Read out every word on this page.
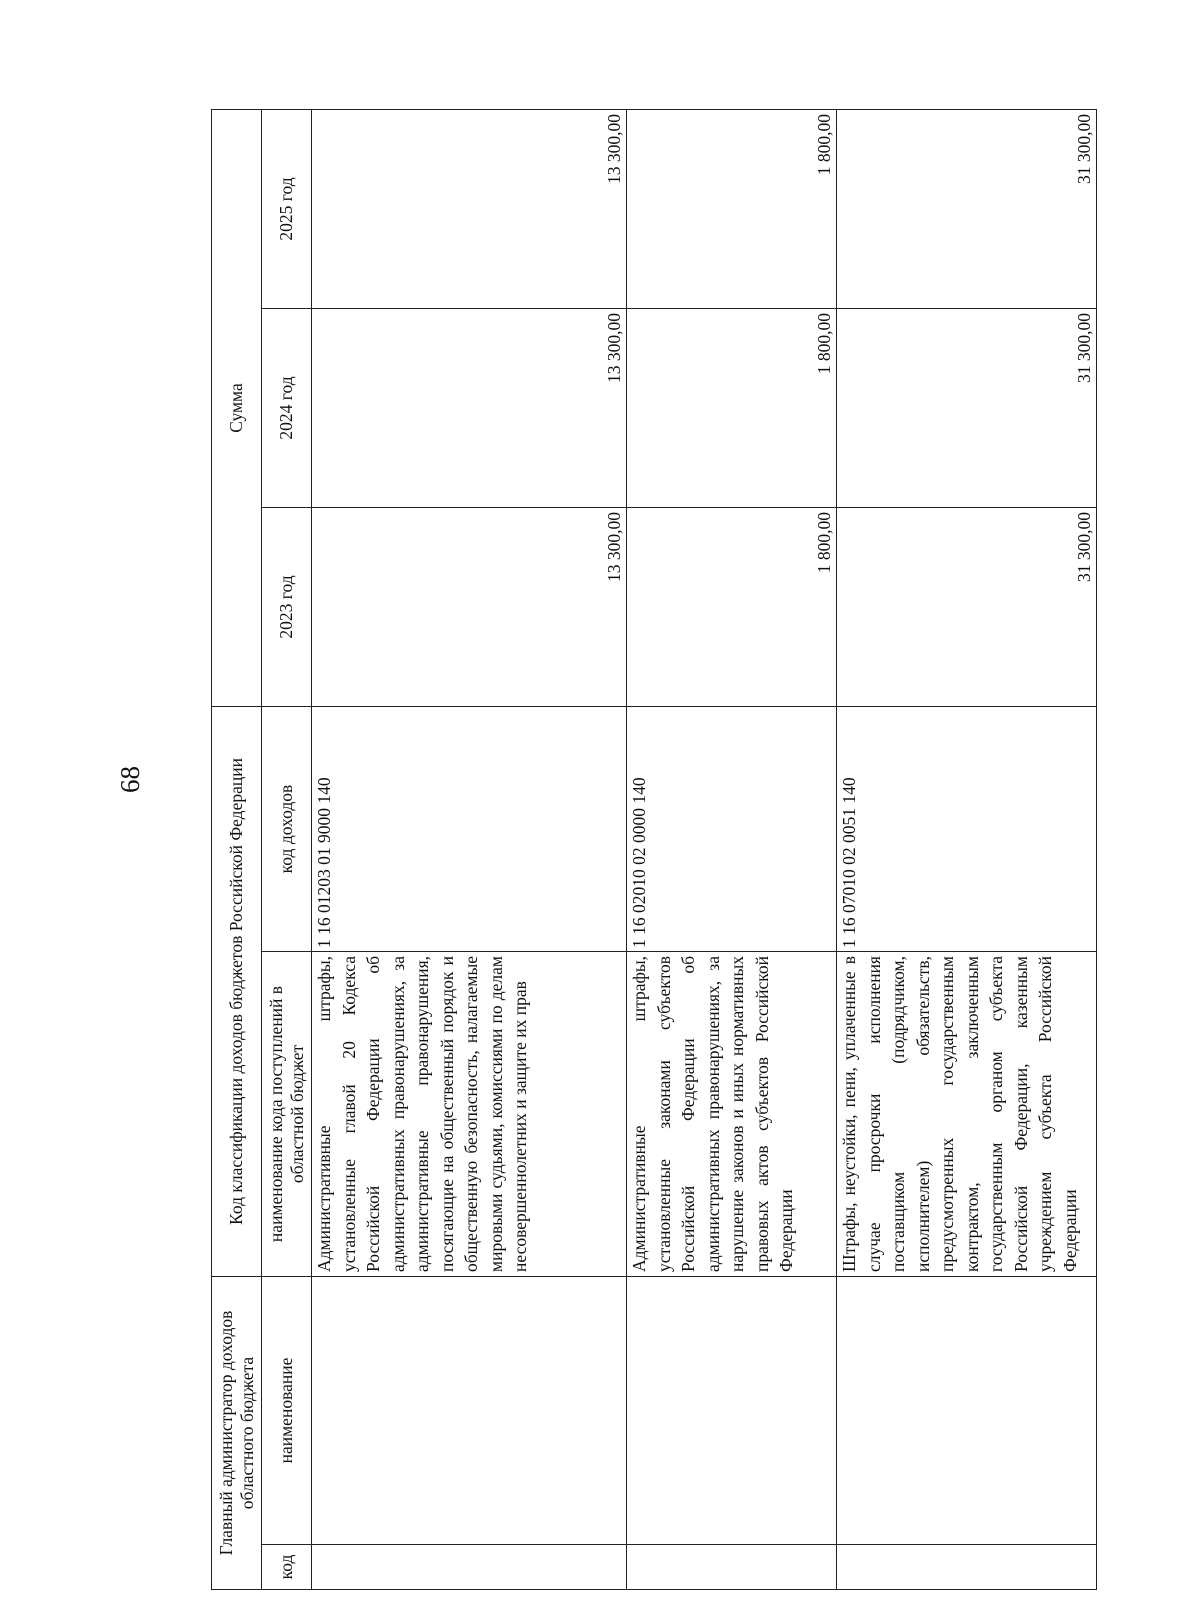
68
Главный администратор доходов областного бюджета		Код классификации доходов бюджетов Российской Федерации		Сумма		
код	наименование	наименование кода поступлений в областной бюджет	код доходов	2023 год	2024 год	2025 год
		Административные штрафы, установленные главой 20 Кодекса Российской Федерации об административных правонарушениях, за административные правонарушения, посягающие на общественный порядок и общественную безопасность, налагаемые мировыми судьями, комиссиями по делам несовершеннолетних и защите их прав	1 16 01203 01 9000 140	13 300,00	13 300,00	13 300,00
		Административные штрафы, установленные законами субъектов Российской Федерации об административных правонарушениях, за нарушение законов и иных нормативных правовых актов субъектов Российской Федерации	1 16 02010 02 0000 140	1 800,00	1 800,00	1 800,00
		Штрафы, неустойки, пени, уплаченные в случае просрочки исполнения поставщиком (подрядчиком, исполнителем) обязательств, предусмотренных государственным контрактом, заключенным государственным органом субъекта Российской Федерации, казенным учреждением субъекта Российской Федерации	1 16 07010 02 0051 140	31 300,00	31 300,00	31 300,00
